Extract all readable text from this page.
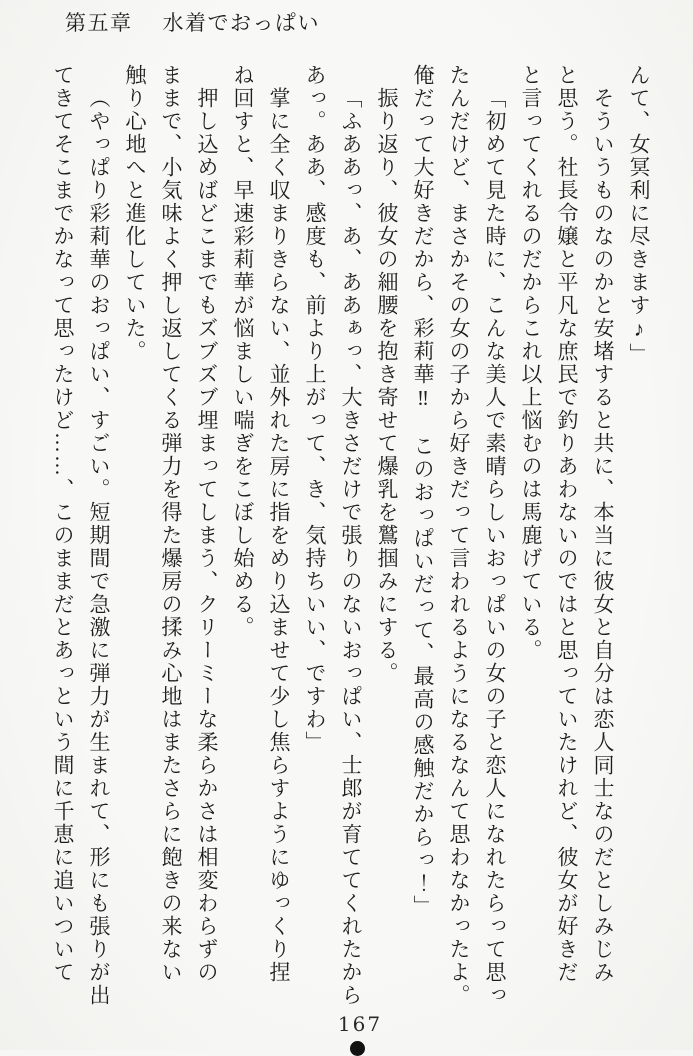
第五章 水着でおっぱい

んて、女冥利に尽きます♪」

そういうものなのかと安堵すると共に、本当に彼女と自分は恋人同士なのだとしみじみ

と思う。社長令嬢と平凡な庶民で釣りあわないのではと思っていたけれど、彼女が好きだ

と言ってくれるのだからこれ以上悩むのは馬鹿げている。

「初めて見た時に、こんな美人で素晴らしいおっぱいの女の子と恋人になれたらって思っ

たんだけど、まさかその女の子から好きだって言われるようになるなんて思わなかったよ。

俺だって大好きだから、彩莉華‼　このおっぱいだって、最高の感触だからっ！」

振り返り、彼女の細腰を抱き寄せて爆乳を鷲掴みにする。

「ふああっ、あ、ああぁっ、大きさだけで張りのないおっぱい、士郎が育ててくれたから

あっ。ああ、感度も、前より上がって、き、気持ちいい、ですわ」

掌に全く収まりきらない、並外れた房に指をめり込ませて少し焦らすようにゆっくり捏

ね回すと、早速彩莉華が悩ましい喘ぎをこぼし始める。

押し込めばどこまでもズブズブ埋まってしまう、クリーミーな柔らかさは相変わらずの

ままで、小気味よく押し返してくる弾力を得た爆房の揉み心地はまたさらに飽きの来ない

触り心地へと進化していた。

（やっぱり彩莉華のおっぱい、すごい。短期間で急激に弾力が生まれて、形にも張りが出

てきてそこまでかなって思ったけど……、このままだとあっという間に千恵に追いついて

167
